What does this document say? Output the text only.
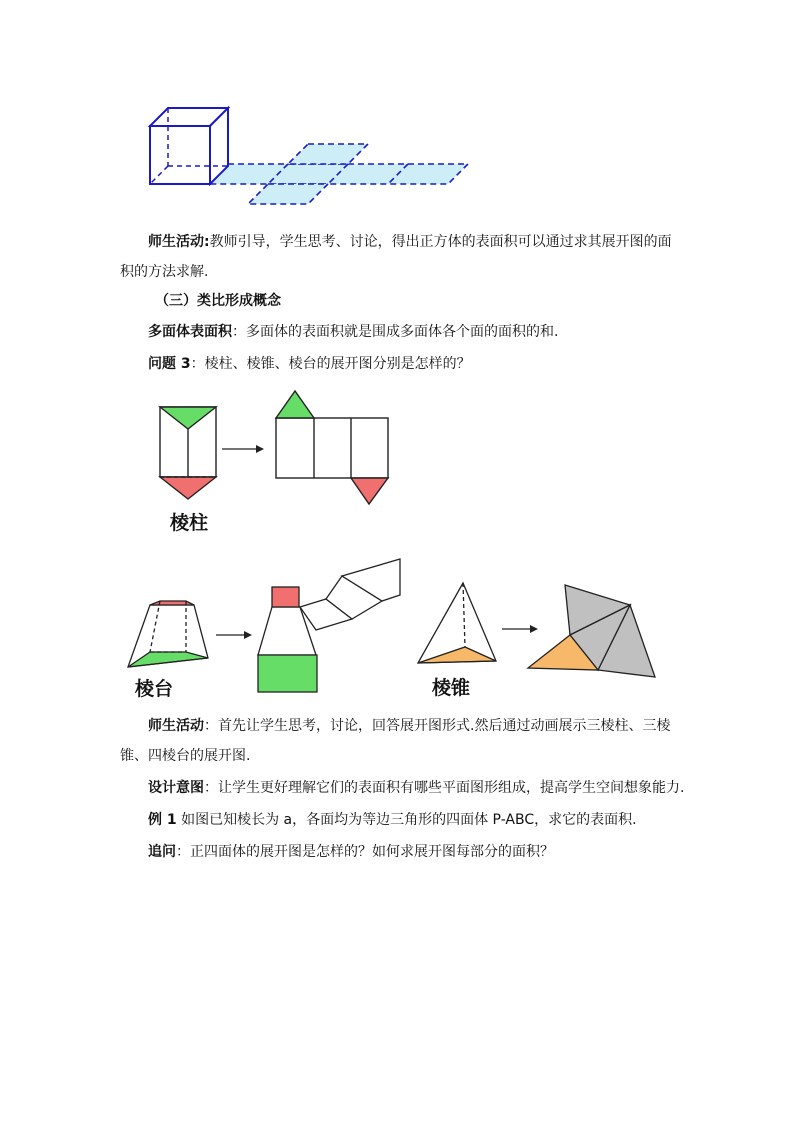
师生活动:教师引导，学生思考、讨论，得出正方体的表面积可以通过求其展开图的面
积的方法求解.
（三）类比形成概念
多面体表面积：多面体的表面积就是围成多面体各个面的面积的和.
问题 3：棱柱、棱锥、棱台的展开图分别是怎样的？
棱柱
棱台	棱锥
师生活动：首先让学生思考，讨论，回答展开图形式.然后通过动画展示三棱柱、三棱
锥、四棱台的展开图.
设计意图：让学生更好理解它们的表面积有哪些平面图形组成，提高学生空间想象能力.
例 1 如图已知棱长为 a，各面均为等边三角形的四面体 P-ABC，求它的表面积.
追问：正四面体的展开图是怎样的？如何求展开图每部分的面积？
